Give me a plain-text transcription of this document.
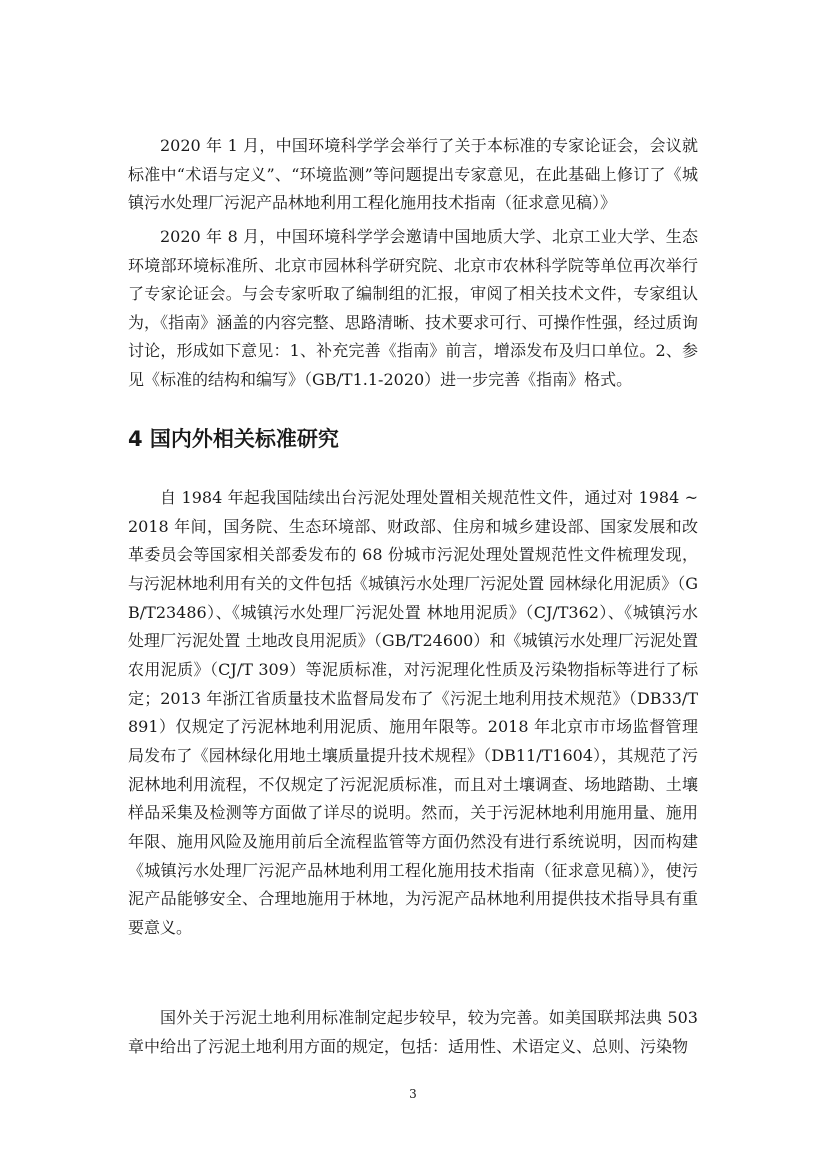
2020 年 1 月，中国环境科学学会举行了关于本标准的专家论证会，会议就标准中“术语与定义”、“环境监测”等问题提出专家意见，在此基础上修订了《城镇污水处理厂污泥产品林地利用工程化施用技术指南（征求意见稿）》

2020 年 8 月，中国环境科学学会邀请中国地质大学、北京工业大学、生态环境部环境标准所、北京市园林科学研究院、北京市农林科学院等单位再次举行了专家论证会。与会专家听取了编制组的汇报，审阅了相关技术文件，专家组认为，《指南》涵盖的内容完整、思路清晰、技术要求可行、可操作性强，经过质询讨论，形成如下意见：1、补充完善《指南》前言，增添发布及归口单位。2、参见《标准的结构和编写》（GB/T1.1-2020）进一步完善《指南》格式。

4 国内外相关标准研究

自 1984 年起我国陆续出台污泥处理处置相关规范性文件，通过对 1984 ~ 2018 年间，国务院、生态环境部、财政部、住房和城乡建设部、国家发展和改革委员会等国家相关部委发布的 68 份城市污泥处理处置规范性文件梳理发现，与污泥林地利用有关的文件包括《城镇污水处理厂污泥处置 园林绿化用泥质》（GB/T23486）、《城镇污水处理厂污泥处置 林地用泥质》（CJ/T362）、《城镇污水处理厂污泥处置 土地改良用泥质》（GB/T24600）和《城镇污水处理厂污泥处置农用泥质》（CJ/T 309）等泥质标准，对污泥理化性质及污染物指标等进行了标定；2013 年浙江省质量技术监督局发布了《污泥土地利用技术规范》（DB33/T891）仅规定了污泥林地利用泥质、施用年限等。2018 年北京市市场监督管理局发布了《园林绿化用地土壤质量提升技术规程》（DB11/T1604），其规范了污泥林地利用流程，不仅规定了污泥泥质标准，而且对土壤调查、场地踏勘、土壤样品采集及检测等方面做了详尽的说明。然而，关于污泥林地利用施用量、施用年限、施用风险及施用前后全流程监管等方面仍然没有进行系统说明，因而构建《城镇污水处理厂污泥产品林地利用工程化施用技术指南（征求意见稿）》，使污泥产品能够安全、合理地施用于林地，为污泥产品林地利用提供技术指导具有重要意义。

国外关于污泥土地利用标准制定起步较早，较为完善。如美国联邦法典 503 章中给出了污泥土地利用方面的规定，包括：适用性、术语定义、总则、污染物

3
